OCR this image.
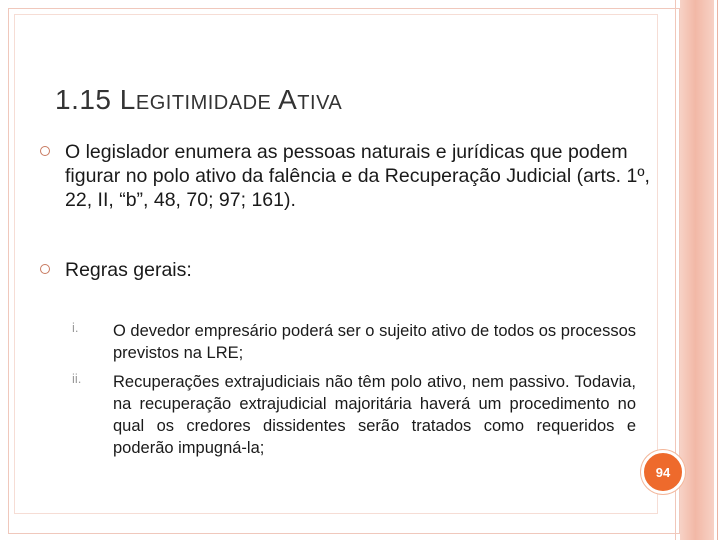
1.15 LEGITIMIDADE ATIVA
O legislador enumera as pessoas naturais e jurídicas que podem figurar no polo ativo da falência e da Recuperação Judicial (arts. 1º, 22, II, “b”, 48, 70; 97; 161).
Regras gerais:
i. O devedor empresário poderá ser o sujeito ativo de todos os processos previstos na LRE;
ii. Recuperações extrajudiciais não têm polo ativo, nem passivo. Todavia, na recuperação extrajudicial majoritária haverá um procedimento no qual os credores dissidentes serão tratados como requeridos e poderão impugná-la;
94
